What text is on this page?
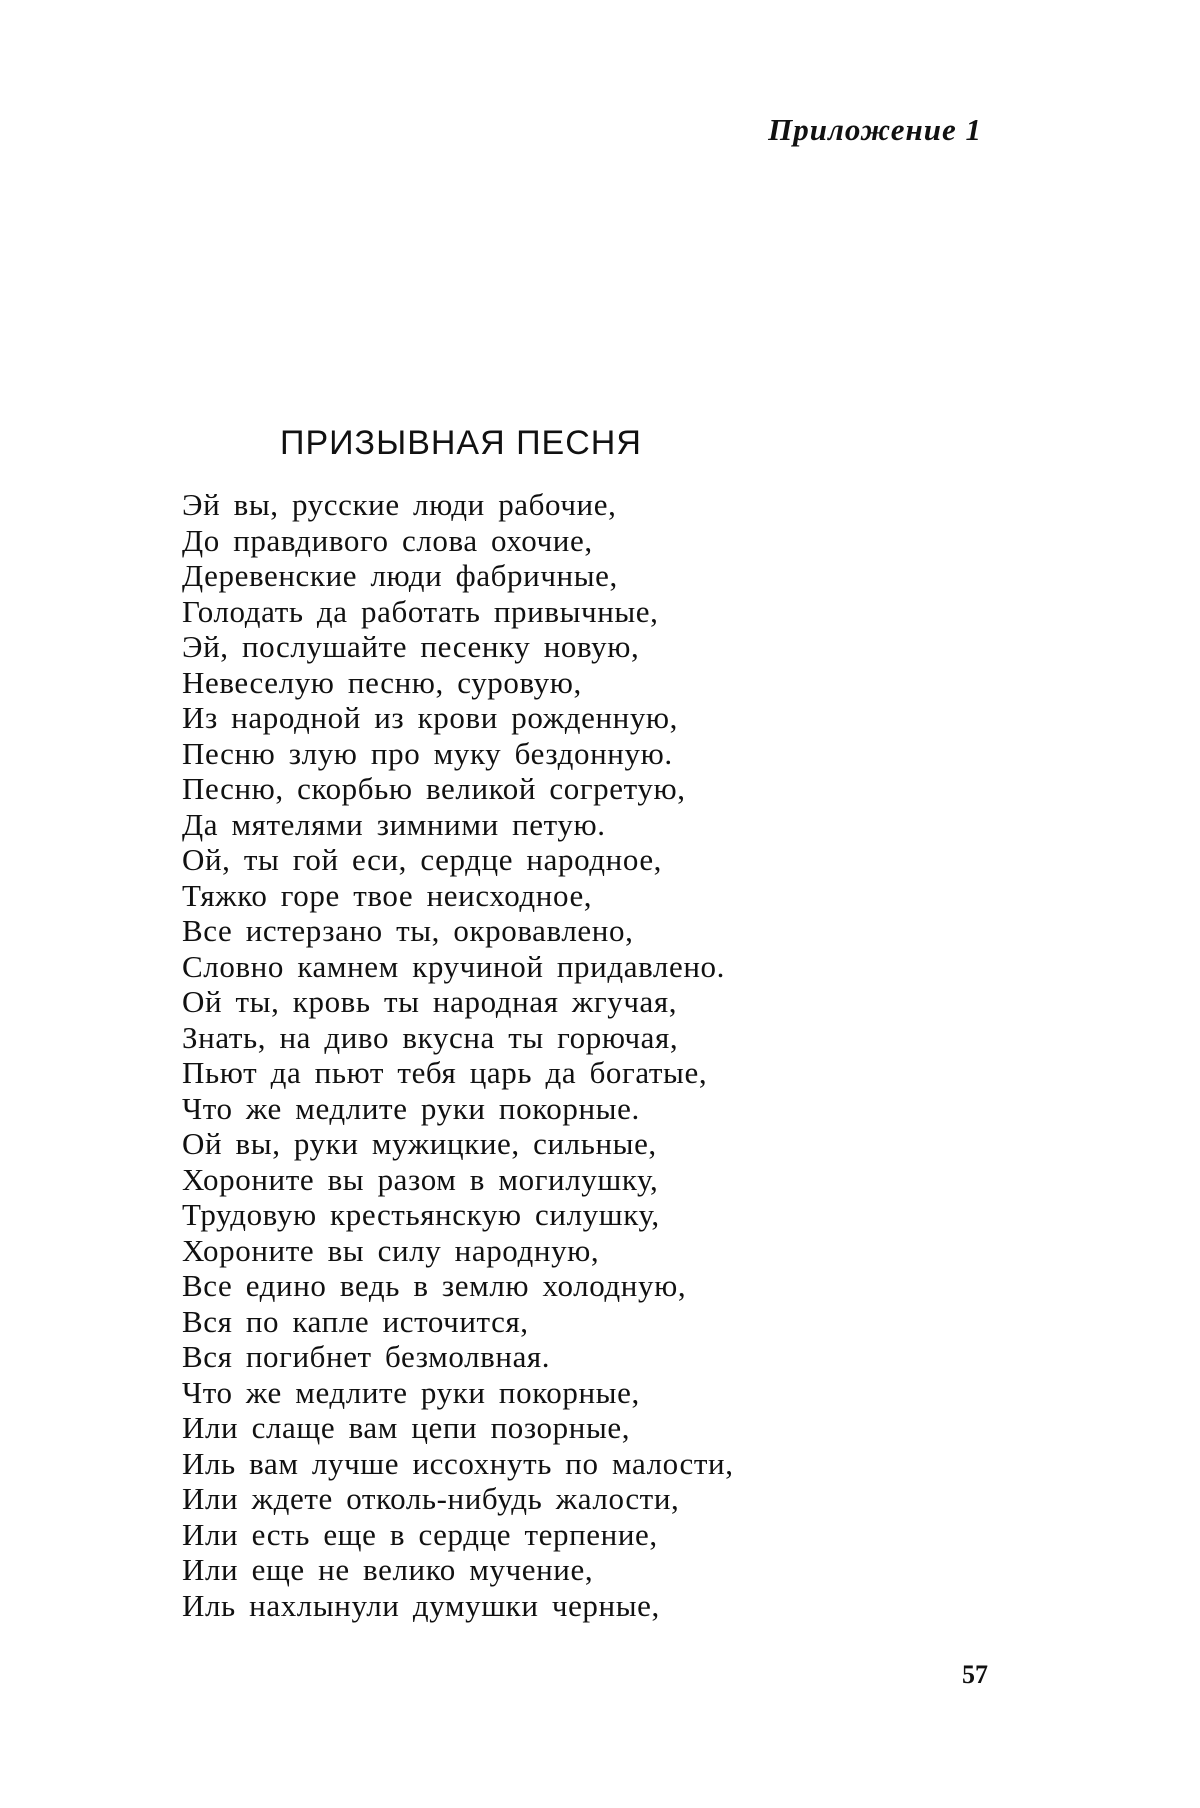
Приложение 1
ПРИЗЫВНАЯ ПЕСНЯ
Эй вы, русские люди рабочие,
До правдивого слова охочие,
Деревенские люди фабричные,
Голодать да работать привычные,
Эй, послушайте песенку новую,
Невеселую песню, суровую,
Из народной из крови рожденную,
Песню злую про муку бездонную.
Песню, скорбью великой согретую,
Да мятелями зимними петую.
Ой, ты гой еси, сердце народное,
Тяжко горе твое неисходное,
Все истерзано ты, окровавлено,
Словно камнем кручиной придавлено.
Ой ты, кровь ты народная жгучая,
Знать, на диво вкусна ты горючая,
Пьют да пьют тебя царь да богатые,
Что же медлите руки покорные.
Ой вы, руки мужицкие, сильные,
Хороните вы разом в могилушку,
Трудовую крестьянскую силушку,
Хороните вы силу народную,
Все едино ведь в землю холодную,
Вся по капле источится,
Вся погибнет безмолвная.
Что же медлите руки покорные,
Или слаще вам цепи позорные,
Иль вам лучше иссохнуть по малости,
Или ждете отколь-нибудь жалости,
Или есть еще в сердце терпение,
Или еще не велико мучение,
Иль нахлынули думушки черные,
57
